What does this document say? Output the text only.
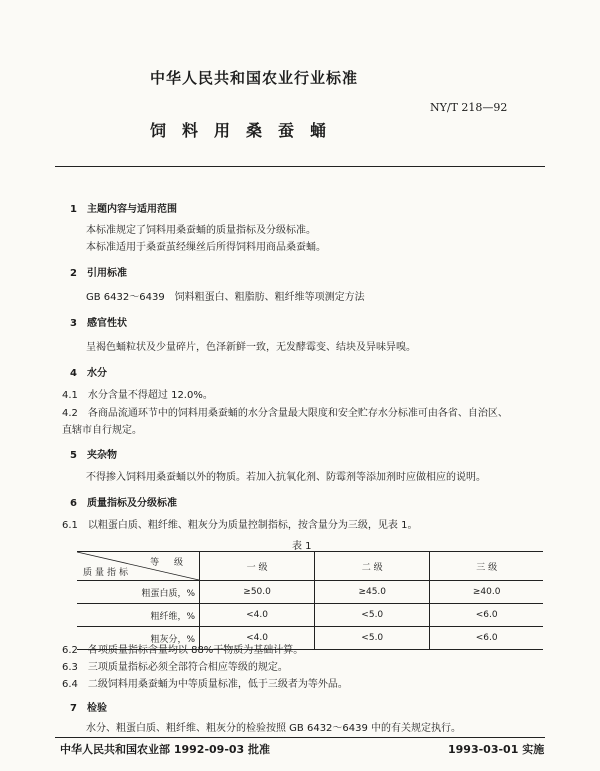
中华人民共和国农业行业标准
NY/T 218—92
饲料用桑蚕蛹
1　主题内容与适用范围
本标准规定了饲料用桑蚕蛹的质量指标及分级标准。
本标准适用于桑蚕茧经缫丝后所得饲料用商品桑蚕蛹。
2　引用标准
GB 6432～6439　饲料粗蛋白、粗脂肪、粗纤维等项测定方法
3　感官性状
呈褐色蛹粒状及少量碎片，色泽新鲜一致，无发酵霉变、结块及异味异嗅。
4　水分
4.1　水分含量不得超过 12.0%。
4.2　各商品流通环节中的饲料用桑蚕蛹的水分含量最大限度和安全贮存水分标准可由各省、自治区、
直辖市自行规定。
5　夹杂物
不得掺入饲料用桑蚕蛹以外的物质。若加入抗氧化剂、防霉剂等添加剂时应做相应的说明。
6　质量指标及分级标准
6.1　以粗蛋白质、粗纤维、粗灰分为质量控制指标，按含量分为三级，见表 1。
表 1
等 级
质量指标	一 级	二 级	三 级
粗蛋白质，%	≥50.0	≥45.0	≥40.0
粗纤维，%	<4.0	<5.0	<6.0
粗灰分，%	<4.0	<5.0	<6.0
6.2　各项质量指标含量均以 88%干物质为基础计算。
6.3　三项质量指标必须全部符合相应等级的规定。
6.4　二级饲料用桑蚕蛹为中等质量标准，低于三级者为等外品。
7　检验
水分、粗蛋白质、粗纤维、粗灰分的检验按照 GB 6432～6439 中的有关规定执行。
中华人民共和国农业部 1992-09-03 批准	1993-03-01 实施
